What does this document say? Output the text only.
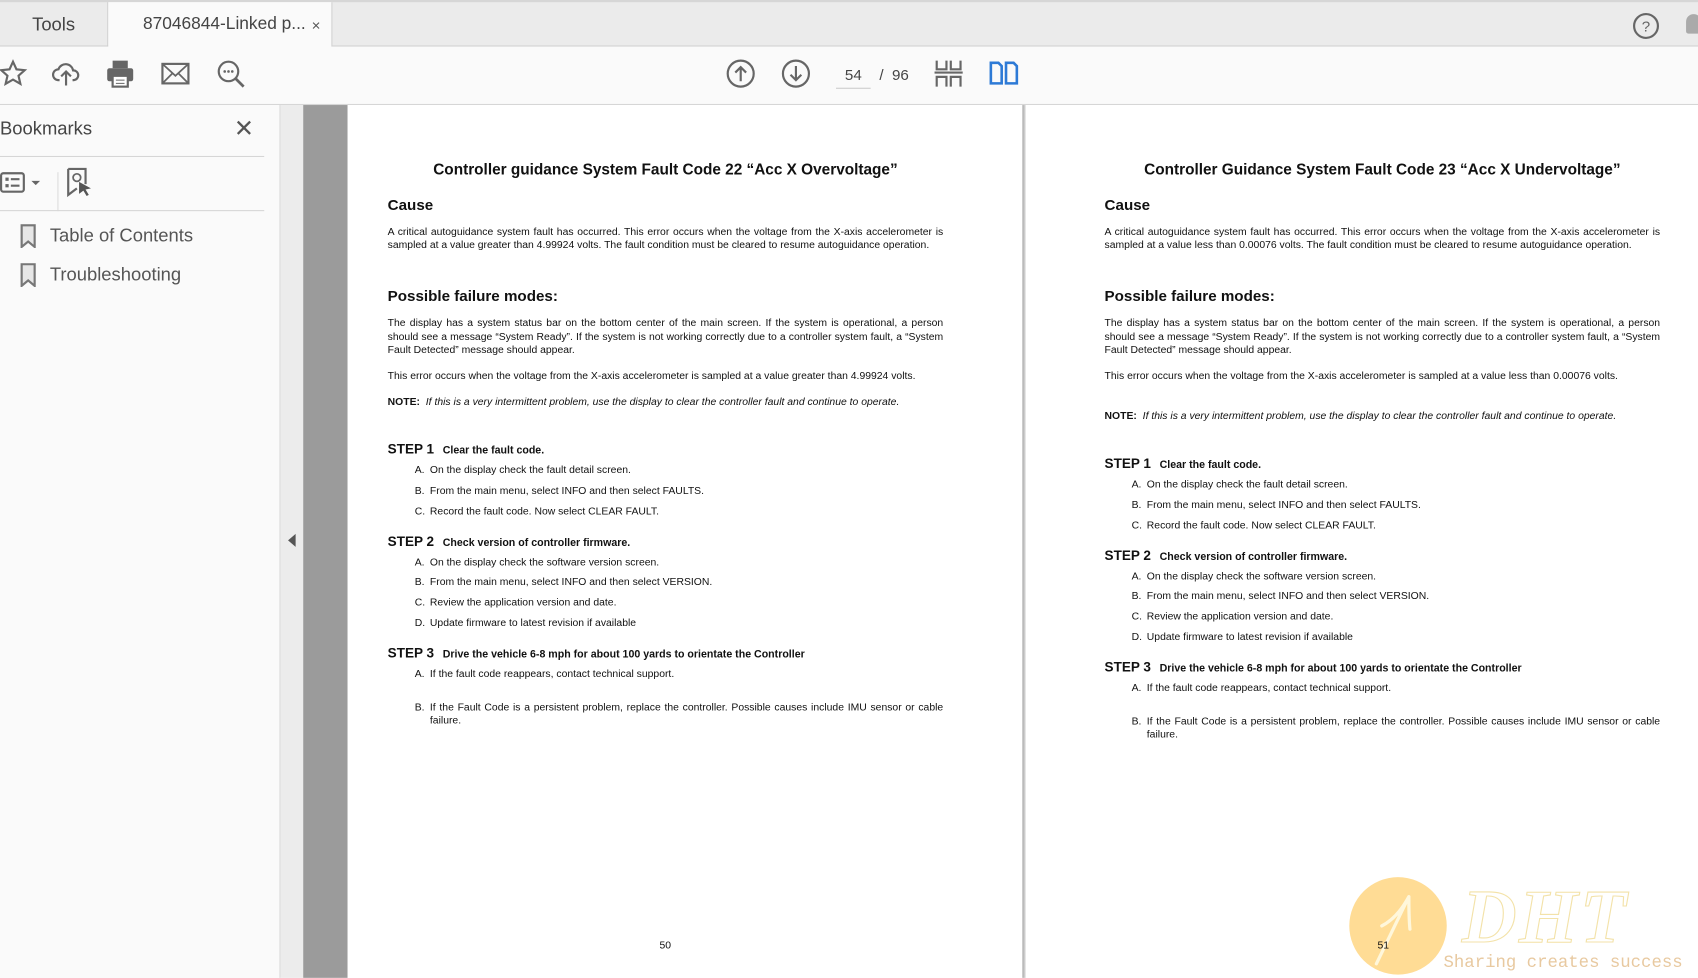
Tools	87046844-Linked p... ×	?
54	/ 96
Bookmarks	✕
Table of Contents
Troubleshooting
Controller guidance System Fault Code 22 “Acc X Overvoltage”
Cause
A critical autoguidance system fault has occurred. This error occurs when the voltage from the X-axis accelerometer is sampled at a value greater than 4.99924 volts. The fault condition must be cleared to resume autoguidance operation.
Possible failure modes:
The display has a system status bar on the bottom center of the main screen. If the system is operational, a person should see a message “System Ready”. If the system is not working correctly due to a controller system fault, a “System Fault Detected” message should appear.
This error occurs when the voltage from the X-axis accelerometer is sampled at a value greater than 4.99924 volts.
NOTE: If this is a very intermittent problem, use the display to clear the controller fault and continue to operate.
STEP 1 Clear the fault code.
A. On the display check the fault detail screen.
B. From the main menu, select INFO and then select FAULTS.
C. Record the fault code. Now select CLEAR FAULT.
STEP 2 Check version of controller firmware.
A. On the display check the software version screen.
B. From the main menu, select INFO and then select VERSION.
C. Review the application version and date.
D. Update firmware to latest revision if available
STEP 3 Drive the vehicle 6-8 mph for about 100 yards to orientate the Controller
A. If the fault code reappears, contact technical support.
B. If the Fault Code is a persistent problem, replace the controller. Possible causes include IMU sensor or cable failure.
50
Controller Guidance System Fault Code 23 “Acc X Undervoltage”
Cause
A critical autoguidance system fault has occurred. This error occurs when the voltage from the X-axis accelerometer is sampled at a value less than 0.00076 volts. The fault condition must be cleared to resume autoguidance operation.
Possible failure modes:
The display has a system status bar on the bottom center of the main screen. If the system is operational, a person should see a message “System Ready”. If the system is not working correctly due to a controller system fault, a “System Fault Detected” message should appear.
This error occurs when the voltage from the X-axis accelerometer is sampled at a value less than 0.00076 volts.
NOTE: If this is a very intermittent problem, use the display to clear the controller fault and continue to operate.
STEP 1 Clear the fault code.
A. On the display check the fault detail screen.
B. From the main menu, select INFO and then select FAULTS.
C. Record the fault code. Now select CLEAR FAULT.
STEP 2 Check version of controller firmware.
A. On the display check the software version screen.
B. From the main menu, select INFO and then select VERSION.
C. Review the application version and date.
D. Update firmware to latest revision if available
STEP 3 Drive the vehicle 6-8 mph for about 100 yards to orientate the Controller
A. If the fault code reappears, contact technical support.
B. If the Fault Code is a persistent problem, replace the controller. Possible causes include IMU sensor or cable failure.
51 DHT
Sharing creates success
